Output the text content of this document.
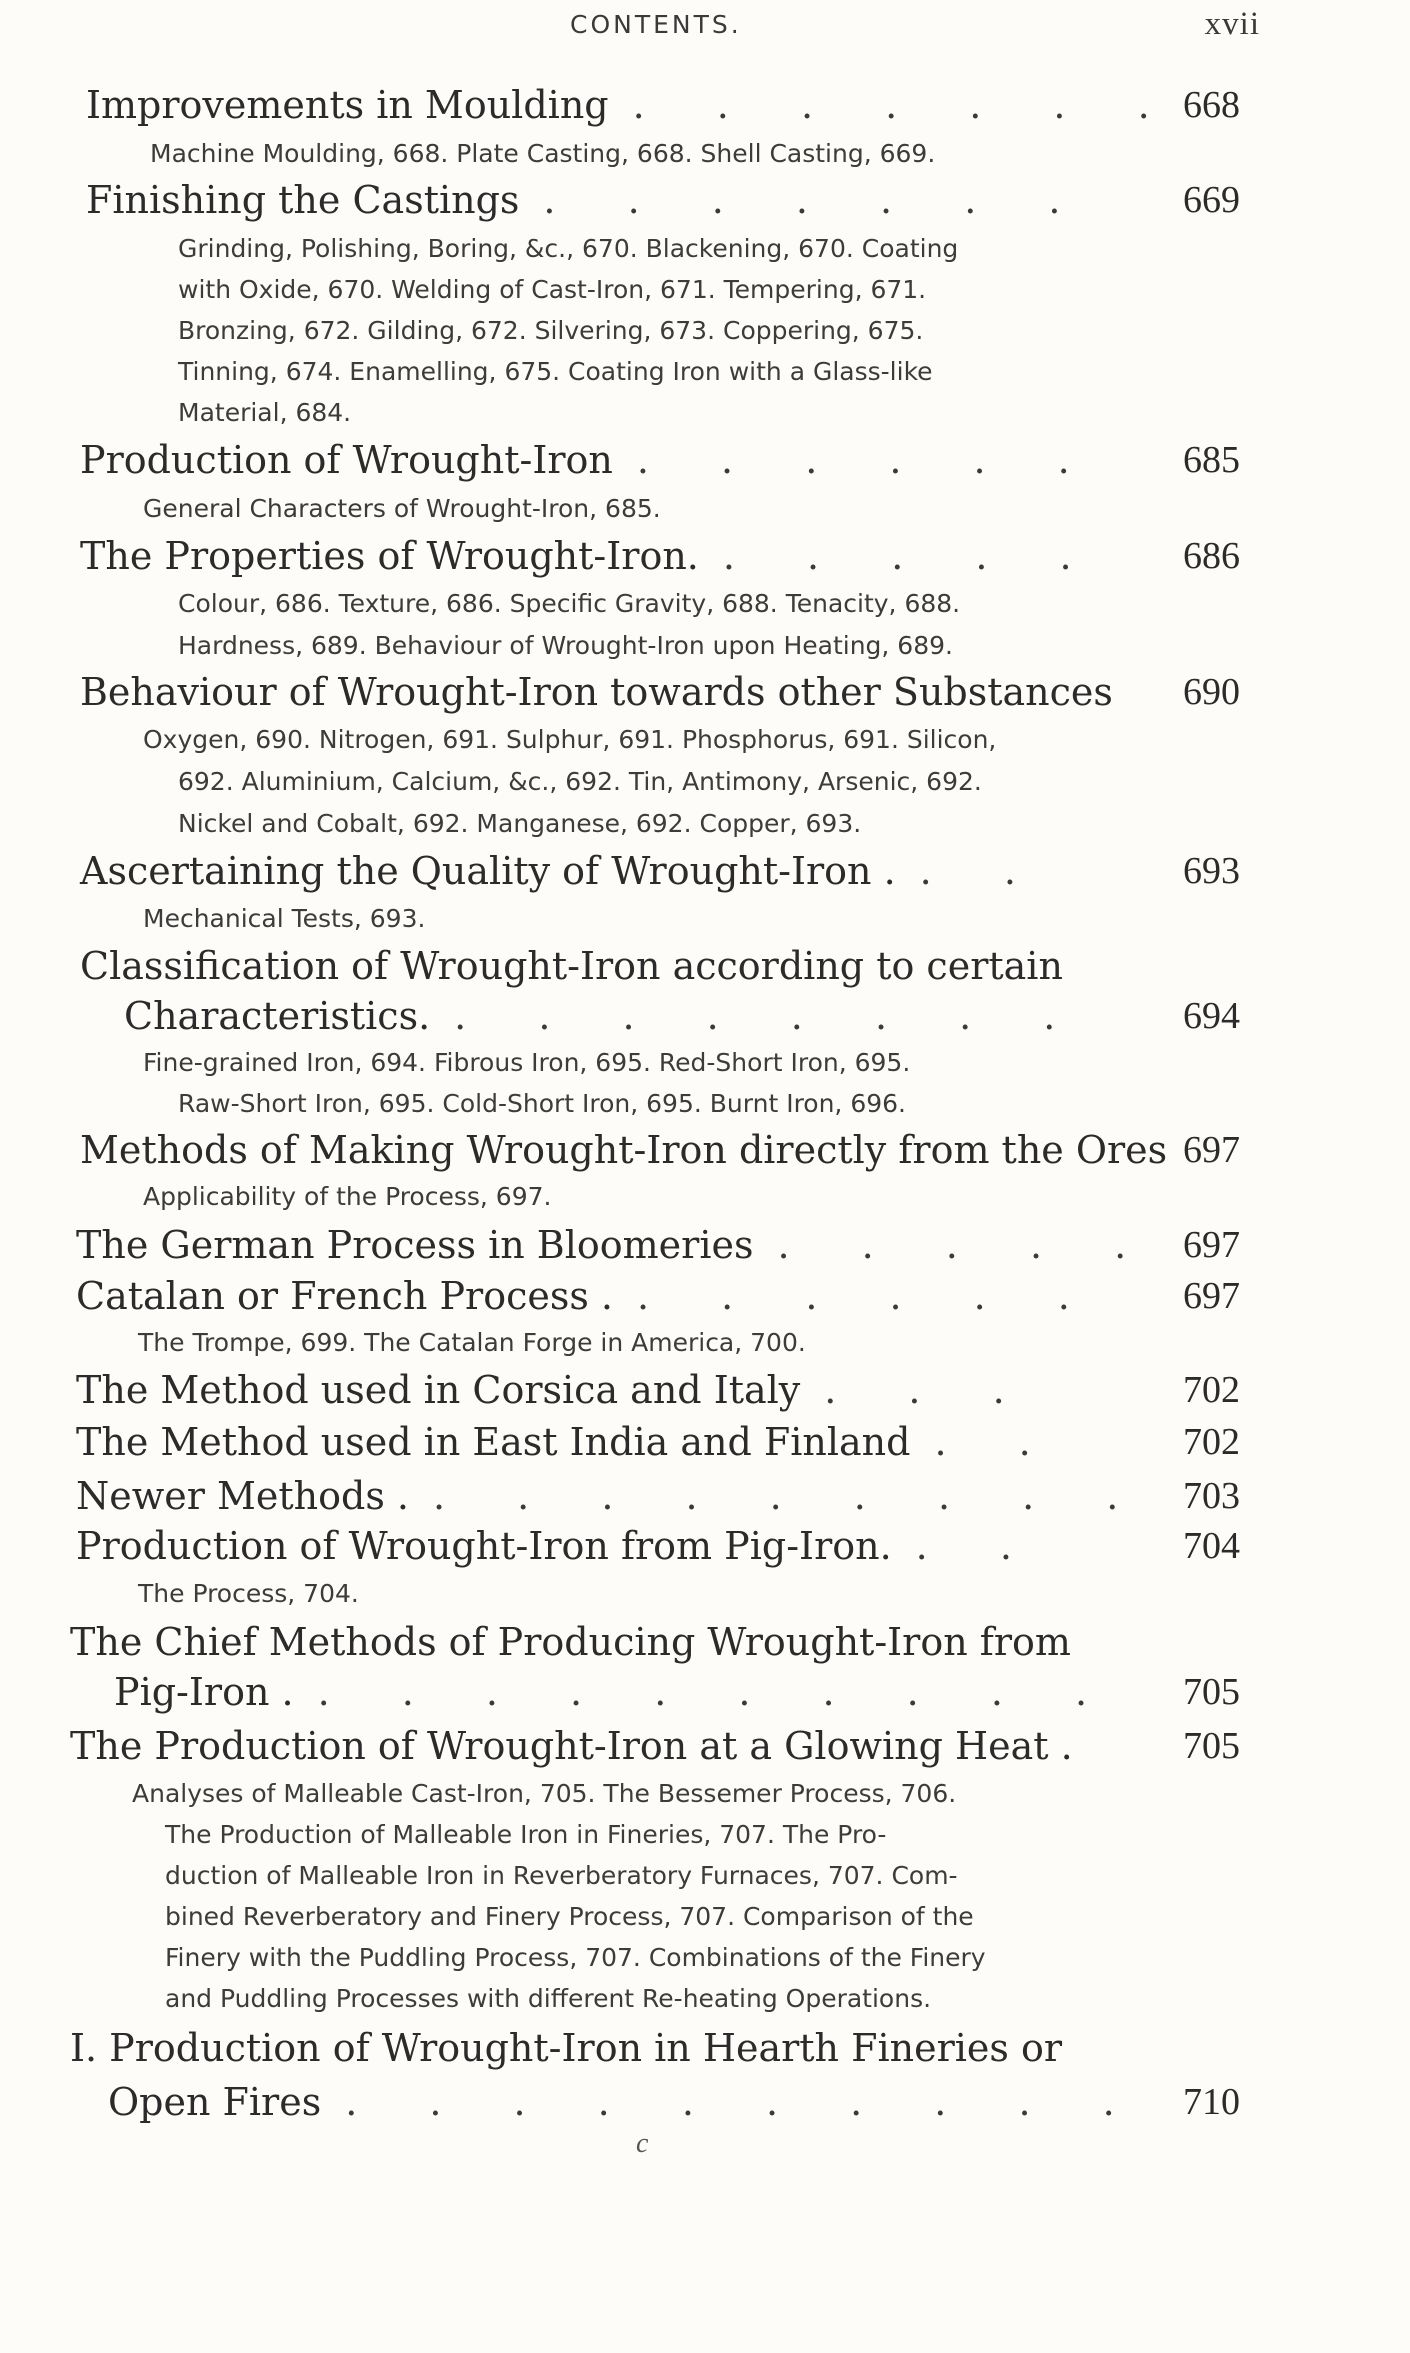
CONTENTS.	xvii
Improvements in Moulding . . . . . . . 668
Machine Moulding, 668. Plate Casting, 668. Shell Casting, 669.
Finishing the Castings . . . . . . . 669
Grinding, Polishing, Boring, &c., 670. Blackening, 670. Coating
with Oxide, 670. Welding of Cast-Iron, 671. Tempering, 671.
Bronzing, 672. Gilding, 672. Silvering, 673. Coppering, 675.
Tinning, 674. Enamelling, 675. Coating Iron with a Glass-like
Material, 684.
Production of Wrought-Iron . . . . . . 685
General Characters of Wrought-Iron, 685.
The Properties of Wrought-Iron. . . . . . 686
Colour, 686. Texture, 686. Specific Gravity, 688. Tenacity, 688.
Hardness, 689. Behaviour of Wrought-Iron upon Heating, 689.
Behaviour of Wrought-Iron towards other Substances 690
Oxygen, 690. Nitrogen, 691. Sulphur, 691. Phosphorus, 691. Silicon,
692. Aluminium, Calcium, &c., 692. Tin, Antimony, Arsenic, 692.
Nickel and Cobalt, 692. Manganese, 692. Copper, 693.
Ascertaining the Quality of Wrought-Iron . . .	693
Mechanical Tests, 693.
Classification of Wrought-Iron according to certain
Characteristics. . . . . . . . .	694
Fine-grained Iron, 694. Fibrous Iron, 695. Red-Short Iron, 695.
Raw-Short Iron, 695. Cold-Short Iron, 695. Burnt Iron, 696.
Methods of Making Wrought-Iron directly from the Ores 697
Applicability of the Process, 697.
The German Process in Bloomeries . . . . . 697
Catalan or French Process . . . . . . . 697
The Trompe, 699. The Catalan Forge in America, 700.
The Method used in Corsica and Italy . . .	702
The Method used in East India and Finland . .	702
Newer Methods . . . . . . . . . . 703
Production of Wrought-Iron from Pig-Iron. . .	704
The Process, 704.
The Chief Methods of Producing Wrought-Iron from
Pig-Iron . . . . . . . . . . . 705
The Production of Wrought-Iron at a Glowing Heat .	705
Analyses of Malleable Cast-Iron, 705. The Bessemer Process, 706.
The Production of Malleable Iron in Fineries, 707. The Pro-
duction of Malleable Iron in Reverberatory Furnaces, 707. Com-
bined Reverberatory and Finery Process, 707. Comparison of the
Finery with the Puddling Process, 707. Combinations of the Finery
and Puddling Processes with different Re-heating Operations.
I. Production of Wrought-Iron in Hearth Fineries or
Open Fires . . . . . . . . . . 710
c
